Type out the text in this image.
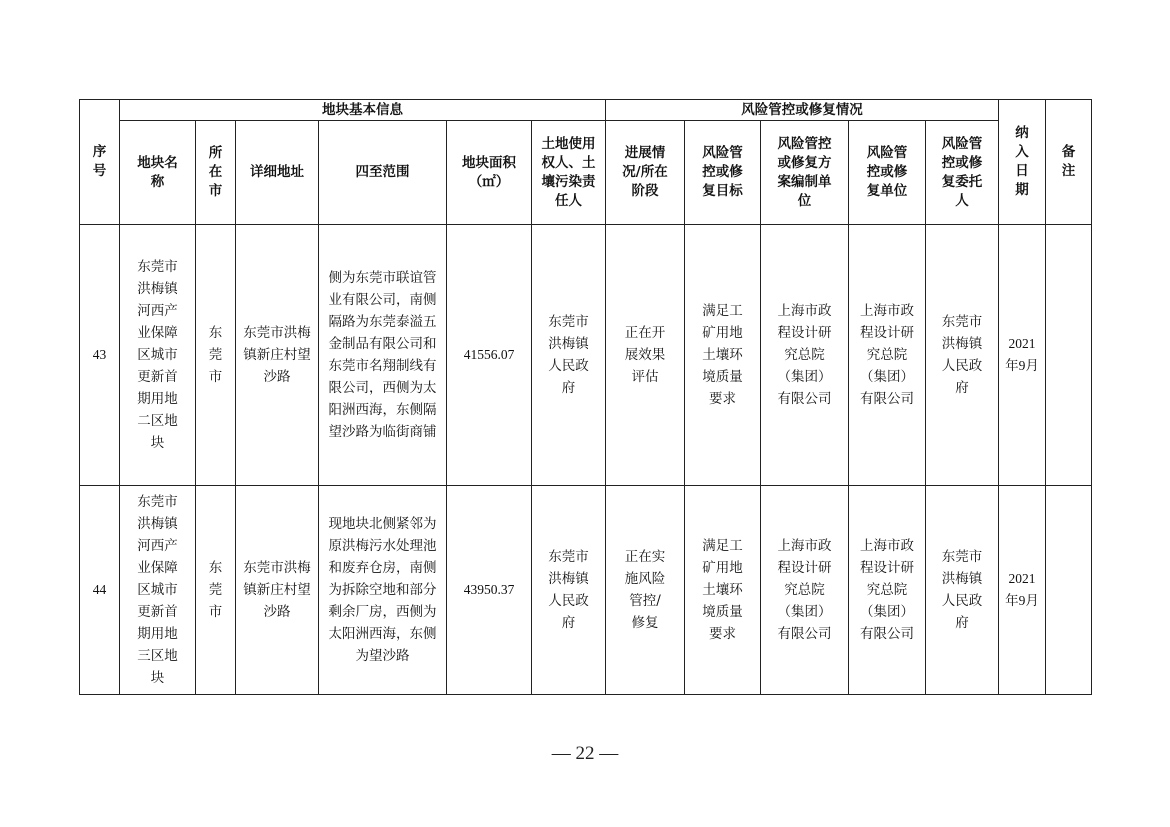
序号	地块基本信息						风险管控或修复情况					纳入日期	备注
	地块名称	所在市	详细地址	四至范围	地块面积（㎡）	土地使用权人、土壤污染责任人	进展情况/所在阶段	风险管控或修复目标	风险管控或修复方案编制单位	风险管控或修复单位	风险管控或修复委托人		
43	东莞市洪梅镇河西产业保障区城市更新首期用地二区地块	东莞市	东莞市洪梅镇新庄村望沙路	侧为东莞市联谊管业有限公司，南侧隔路为东莞泰溢五金制品有限公司和东莞市名翔制线有限公司，西侧为太阳洲西海，东侧隔望沙路为临街商铺	41556.07	东莞市洪梅镇人民政府	正在开展效果评估	满足工矿用地土壤环境质量要求	上海市政程设计研究总院（集团）有限公司	上海市政程设计研究总院（集团）有限公司	东莞市洪梅镇人民政府	2021年9月	
44	东莞市洪梅镇河西产业保障区城市更新首期用地三区地块	东莞市	东莞市洪梅镇新庄村望沙路	现地块北侧紧邻为原洪梅污水处理池和废弃仓房，南侧为拆除空地和部分剩余厂房，西侧为太阳洲西海，东侧为望沙路	43950.37	东莞市洪梅镇人民政府	正在实施风险管控/修复	满足工矿用地土壤环境质量要求	上海市政程设计研究总院（集团）有限公司	上海市政程设计研究总院（集团）有限公司	东莞市洪梅镇人民政府	2021年9月	
— 22 —
